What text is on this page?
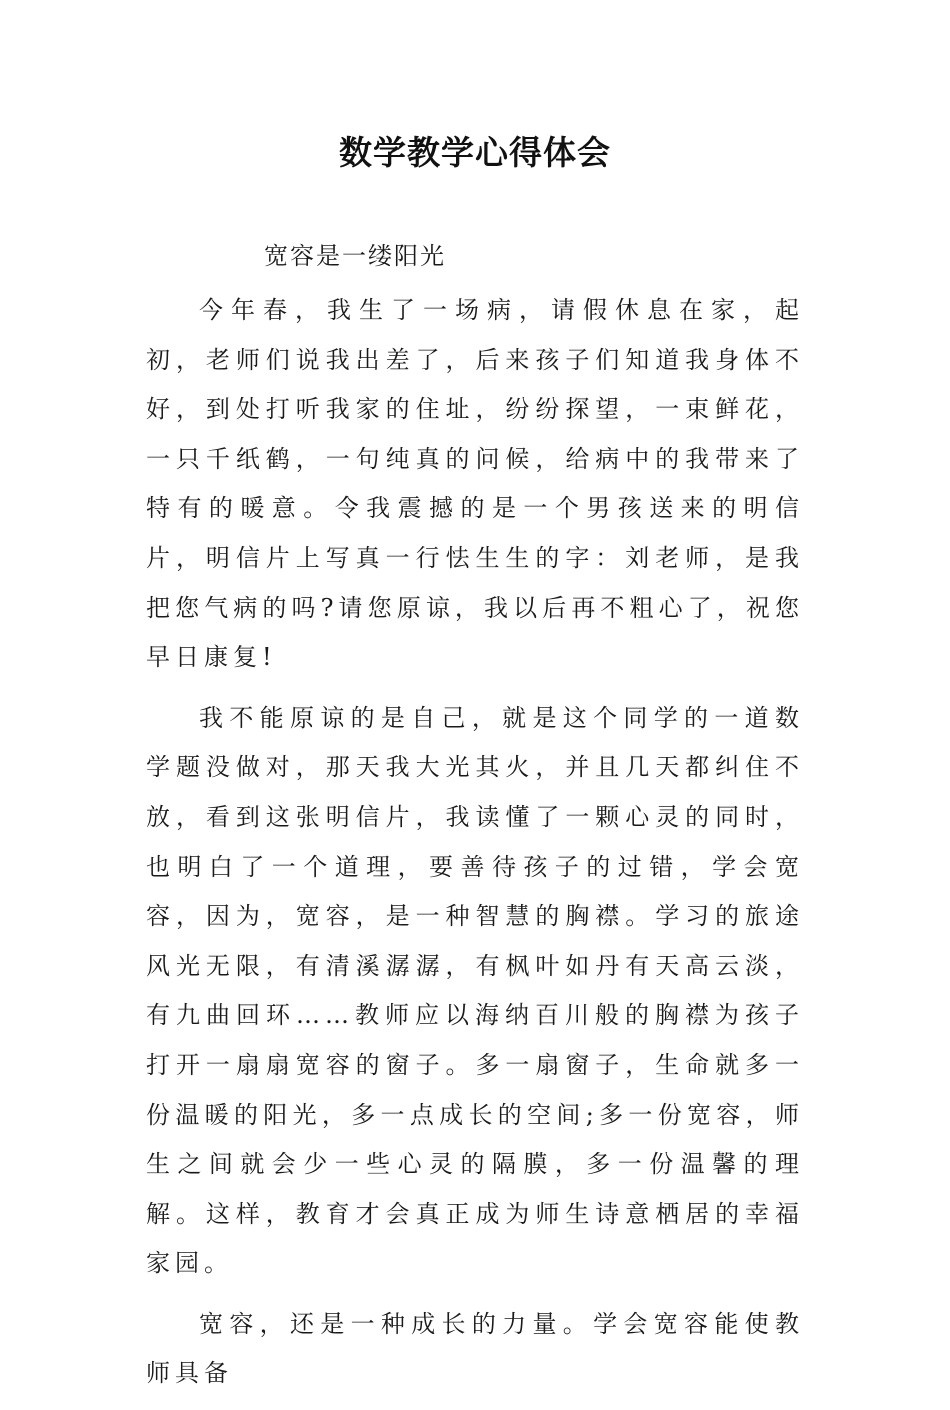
数学教学心得体会

宽容是一缕阳光

今年春，我生了一场病，请假休息在家，起初，老师们说我出差了，后来孩子们知道我身体不好，到处打听我家的住址，纷纷探望，一束鲜花，一只千纸鹤，一句纯真的问候，给病中的我带来了特有的暖意。令我震撼的是一个男孩送来的明信片，明信片上写真一行怯生生的字：刘老师，是我把您气病的吗?请您原谅，我以后再不粗心了，祝您早日康复!

我不能原谅的是自己，就是这个同学的一道数学题没做对，那天我大光其火，并且几天都纠住不放，看到这张明信片，我读懂了一颗心灵的同时，也明白了一个道理，要善待孩子的过错，学会宽容，因为，宽容，是一种智慧的胸襟。学习的旅途风光无限，有清溪潺潺，有枫叶如丹有天高云淡，有九曲回环……教师应以海纳百川般的胸襟为孩子打开一扇扇宽容的窗子。多一扇窗子，生命就多一份温暖的阳光，多一点成长的空间;多一份宽容，师生之间就会少一些心灵的隔膜，多一份温馨的理解。这样，教育才会真正成为师生诗意栖居的幸福家园。

宽容，还是一种成长的力量。学会宽容能使教师具备
